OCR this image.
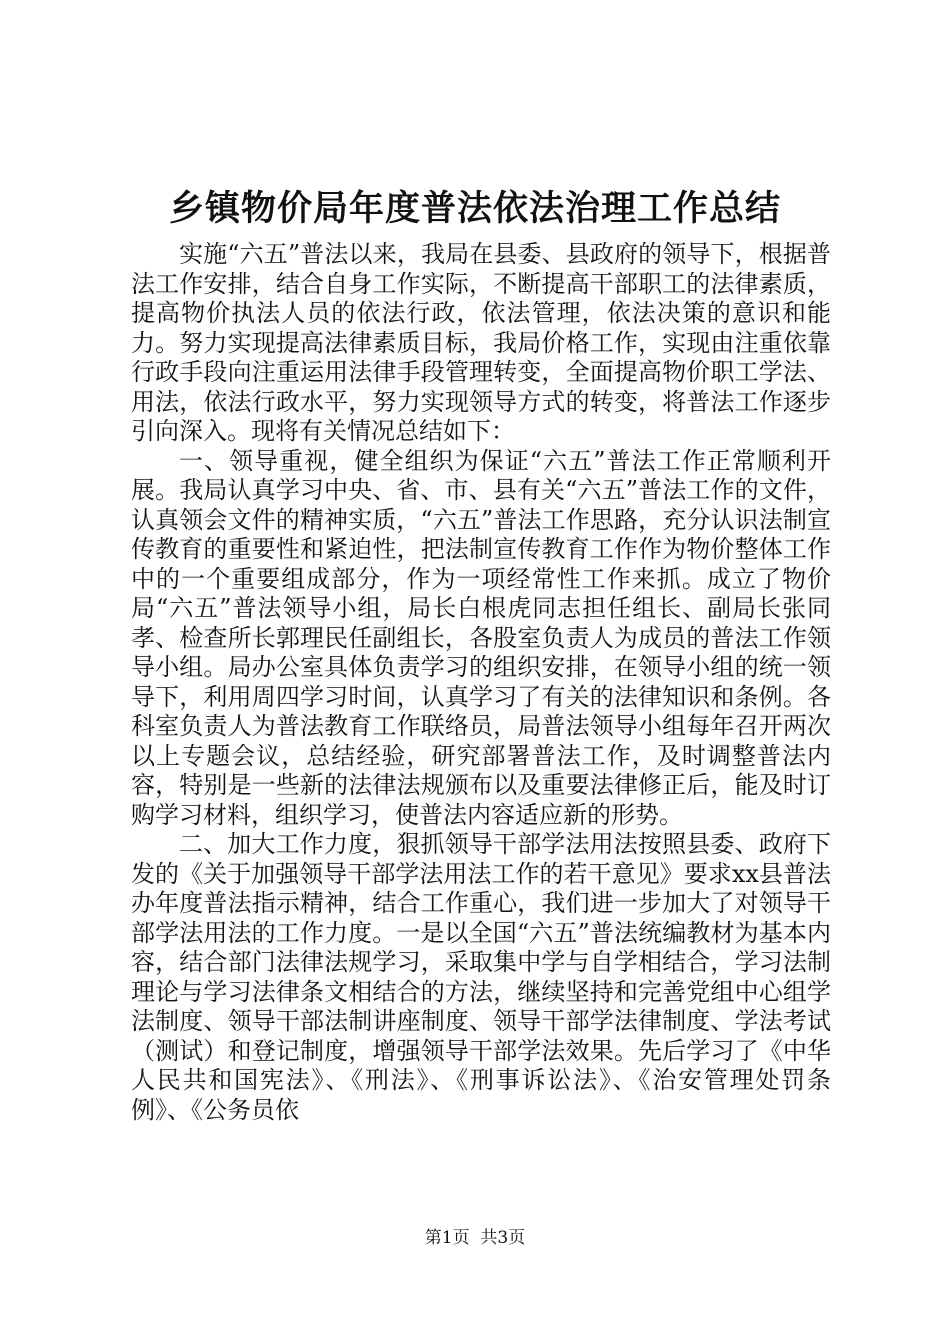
乡镇物价局年度普法依法治理工作总结

实施“六五”普法以来，我局在县委、县政府的领导下，根据普法工作安排，结合自身工作实际，不断提高干部职工的法律素质，提高物价执法人员的依法行政，依法管理，依法决策的意识和能力。努力实现提高法律素质目标，我局价格工作，实现由注重依靠行政手段向注重运用法律手段管理转变，全面提高物价职工学法、用法，依法行政水平，努力实现领导方式的转变，将普法工作逐步引向深入。现将有关情况总结如下：

一、领导重视，健全组织为保证“六五”普法工作正常顺利开展。我局认真学习中央、省、市、县有关“六五”普法工作的文件，认真领会文件的精神实质，“六五”普法工作思路，充分认识法制宣传教育的重要性和紧迫性，把法制宣传教育工作作为物价整体工作中的一个重要组成部分，作为一项经常性工作来抓。成立了物价局“六五”普法领导小组，局长白根虎同志担任组长、副局长张同孝、检查所长郭理民任副组长，各股室负责人为成员的普法工作领导小组。局办公室具体负责学习的组织安排，在领导小组的统一领导下，利用周四学习时间，认真学习了有关的法律知识和条例。各科室负责人为普法教育工作联络员，局普法领导小组每年召开两次以上专题会议，总结经验，研究部署普法工作，及时调整普法内容，特别是一些新的法律法规颁布以及重要法律修正后，能及时订购学习材料，组织学习，使普法内容适应新的形势。

二、加大工作力度，狠抓领导干部学法用法按照县委、政府下发的《关于加强领导干部学法用法工作的若干意见》要求xx县普法办年度普法指示精神，结合工作重心，我们进一步加大了对领导干部学法用法的工作力度。一是以全国“六五”普法统编教材为基本内容，结合部门法律法规学习，采取集中学与自学相结合，学习法制理论与学习法律条文相结合的方法，继续坚持和完善党组中心组学法制度、领导干部法制讲座制度、领导干部学法律制度、学法考试（测试）和登记制度，增强领导干部学法效果。先后学习了《中华人民共和国宪法》、《刑法》、《刑事诉讼法》、《治安管理处罚条例》、《公务员依

第1页 共3页
